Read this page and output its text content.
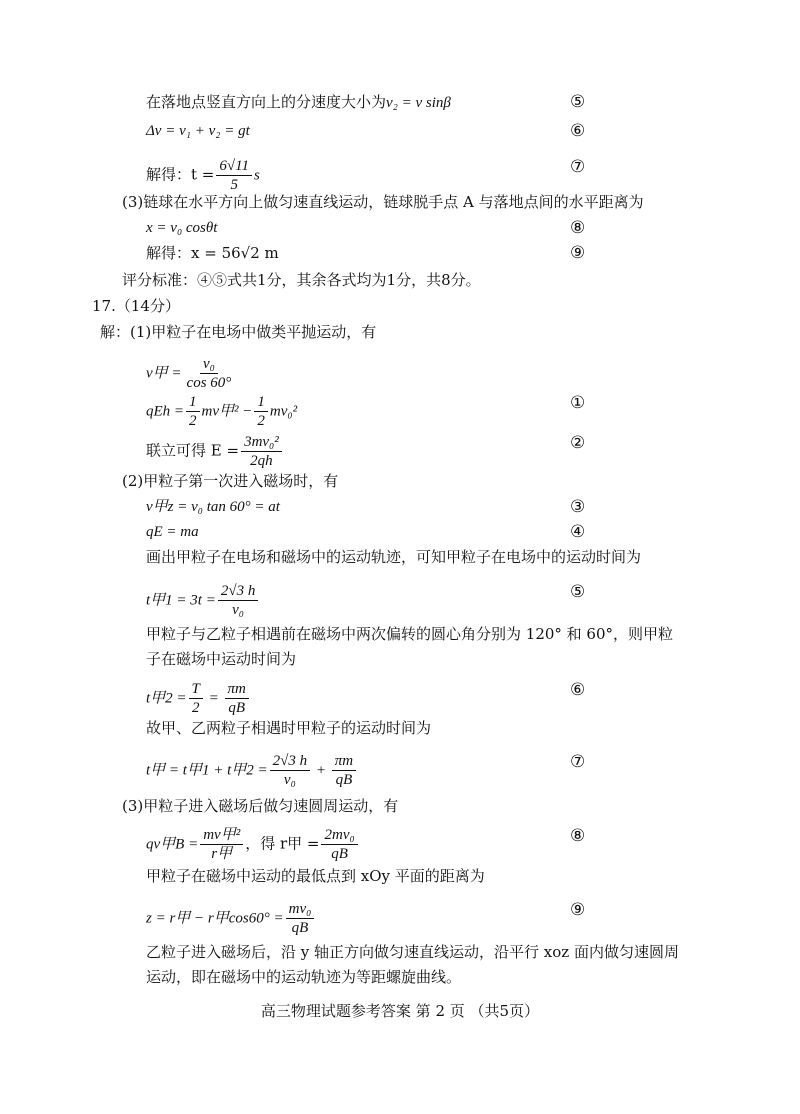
在落地点竖直方向上的分速度大小为v₂ = v sinβ	⑤
Δv = v₁ + v₂ = gt	⑥
解得：$t = \frac{6√11}{5}$ s	⑦
(3)链球在水平方向上做匀速直线运动，链球脱手点 A 与落地点间的水平距离为
x = v₀ cosθt	⑧
解得：x = 56√2 m	⑨
评分标准：④⑤式共1分，其余各式均为1分，共8分。
17.（14分）
解：(1)甲粒子在电场中做类平抛运动，有
v甲 = $\frac{\text{v₀}}{\cos 60^\circ}$
qEh = $\frac{1}{2}$ mv甲$^2 - \frac{1}{2} mv_0^2$	①
联立可得 $E = \frac{\text{3mv₀²}}{2qh}$	②
(2)甲粒子第一次进入磁场时，有
v甲z = v₀ tan 60° = at	③
qE = ma	④
画出甲粒子在电场和磁场中的运动轨迹，可知甲粒子在电场中的运动时间为
t甲$1 = 3t = \frac{2√3 h}{\text{v₀}}$	⑤
甲粒子与乙粒子相遇前在磁场中两次偏转的圆心角分别为 120° 和 60°，则甲粒
子在磁场中运动时间为
t甲$2 = \frac{T}{2} = \frac{\pi m}{qB}$	⑥
故甲、乙两粒子相遇时甲粒子的运动时间为
t甲 = t甲1 + t甲$2 = \frac{2√3 h}{\text{v₀}} + \frac{\pi m}{qB}$	⑦
(3)甲粒子进入磁场后做匀速圆周运动，有
qv甲$B = \frac{\text{mv甲²}}{\text{r甲}}$ ，得 r甲 = $\frac{\text{2mv₀}}{qB}$	⑧
甲粒子在磁场中运动的最低点到 xOy 平面的距离为
z = r甲 − r甲$\cos 60^\circ = \frac{\text{mv₀}}{qB}$	⑨
乙粒子进入磁场后，沿 y 轴正方向做匀速直线运动，沿平行 xoz 面内做匀速圆周
运动，即在磁场中的运动轨迹为等距螺旋曲线。
高三物理试题参考答案 第 2 页 （共5页）
